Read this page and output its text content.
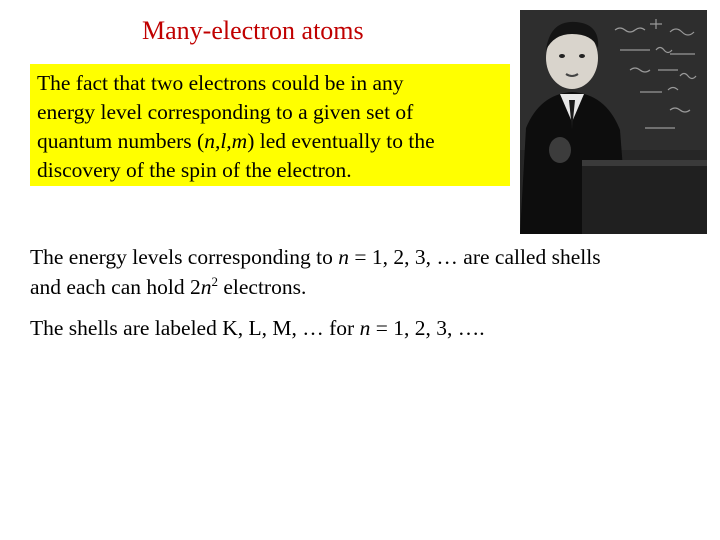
Many-electron atoms

The fact that two electrons could be in any

energy level corresponding to a given set of

quantum numbers (n,l,m) led eventually to the

discovery of the spin of the electron.

The energy levels corresponding to n = 1, 2, 3, … are called shells

and each can hold $2n^2$ electrons.

The shells are labeled K, L, M, … for n = 1, 2, 3, ….
